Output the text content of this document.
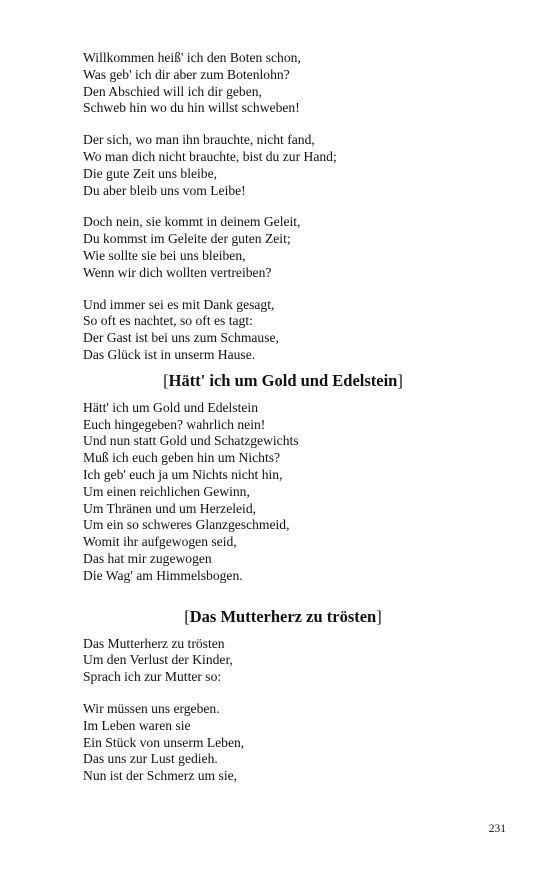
Willkommen heiß' ich den Boten schon,
Was geb' ich dir aber zum Botenlohn?
Den Abschied will ich dir geben,
Schweb hin wo du hin willst schweben!
Der sich, wo man ihn brauchte, nicht fand,
Wo man dich nicht brauchte, bist du zur Hand;
Die gute Zeit uns bleibe,
Du aber bleib uns vom Leibe!
Doch nein, sie kommt in deinem Geleit,
Du kommst im Geleite der guten Zeit;
Wie sollte sie bei uns bleiben,
Wenn wir dich wollten vertreiben?
Und immer sei es mit Dank gesagt,
So oft es nachtet, so oft es tagt:
Der Gast ist bei uns zum Schmause,
Das Glück ist in unserm Hause.
[Hätt' ich um Gold und Edelstein]
Hätt' ich um Gold und Edelstein
Euch hingegeben? wahrlich nein!
Und nun statt Gold und Schatzgewichts
Muß ich euch geben hin um Nichts?
Ich geb' euch ja um Nichts nicht hin,
Um einen reichlichen Gewinn,
Um Thränen und um Herzeleid,
Um ein so schweres Glanzgeschmeid,
Womit ihr aufgewogen seid,
Das hat mir zugewogen
Die Wag' am Himmelsbogen.
[Das Mutterherz zu trösten]
Das Mutterherz zu trösten
Um den Verlust der Kinder,
Sprach ich zur Mutter so:
Wir müssen uns ergeben.
Im Leben waren sie
Ein Stück von unserm Leben,
Das uns zur Lust gedieh.
Nun ist der Schmerz um sie,
231
